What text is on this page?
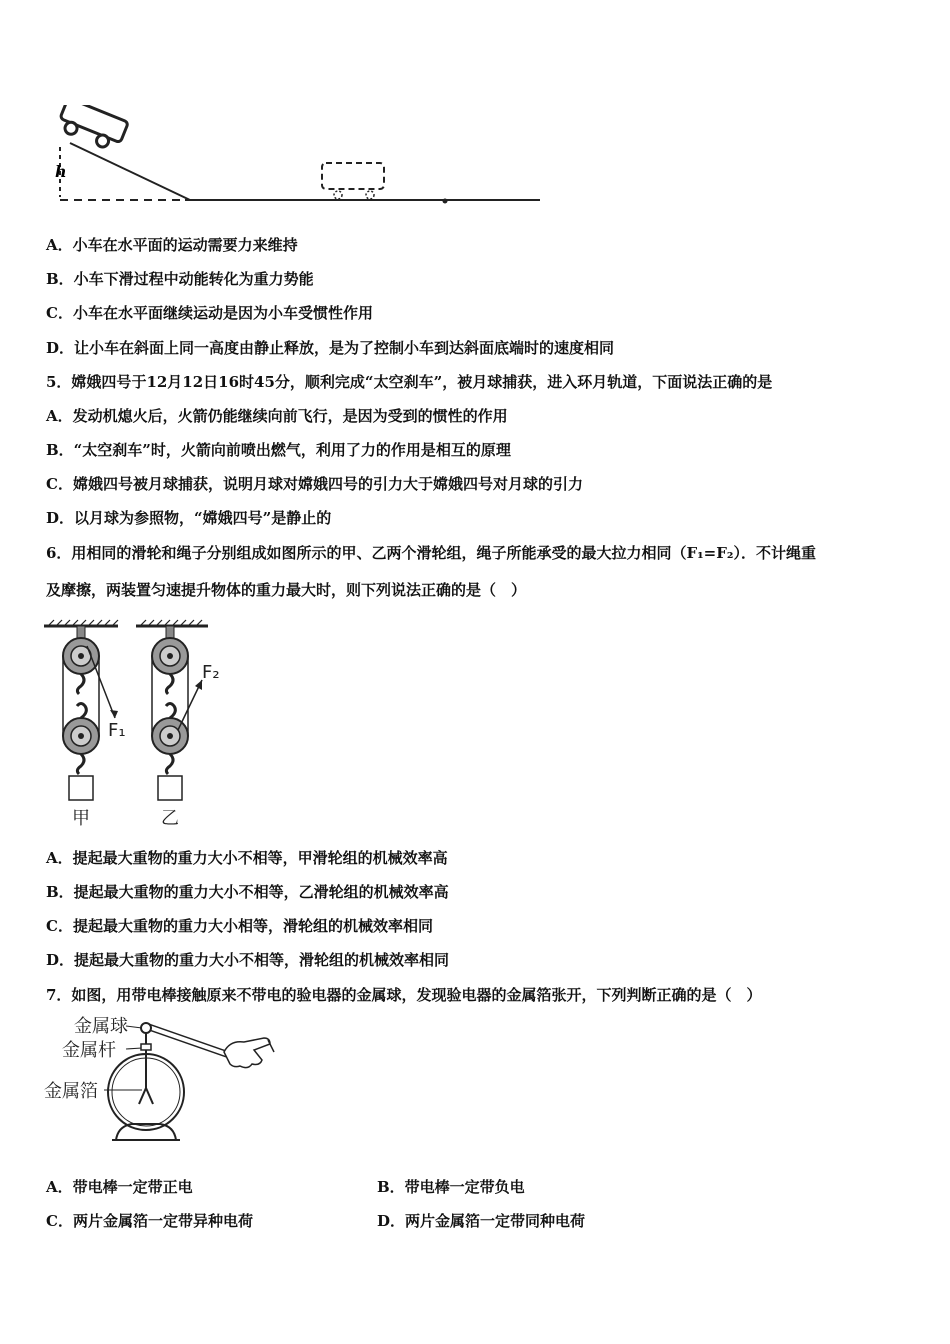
h
A．小车在水平面的运动需要力来维持
B．小车下滑过程中动能转化为重力势能
C．小车在水平面继续运动是因为小车受惯性作用
D．让小车在斜面上同一高度由静止释放，是为了控制小车到达斜面底端时的速度相同
5．嫦娥四号于12月12日16时45分，顺利完成“太空刹车”，被月球捕获，进入环月轨道，下面说法正确的是
A．发动机熄火后，火箭仍能继续向前飞行，是因为受到的惯性的作用
B．“太空刹车”时，火箭向前喷出燃气，利用了力的作用是相互的原理
C．嫦娥四号被月球捕获，说明月球对嫦娥四号的引力大于嫦娥四号对月球的引力
D．以月球为参照物，“嫦娥四号”是静止的
6．用相同的滑轮和绳子分别组成如图所示的甲、乙两个滑轮组，绳子所能承受的最大拉力相同（F₁=F₂）．不计绳重
及摩擦，两装置匀速提升物体的重力最大时，则下列说法正确的是（　）
甲
F₁
乙
F₂
A．提起最大重物的重力大小不相等，甲滑轮组的机械效率高
B．提起最大重物的重力大小不相等，乙滑轮组的机械效率高
C．提起最大重物的重力大小相等，滑轮组的机械效率相同
D．提起最大重物的重力大小不相等，滑轮组的机械效率相同
7．如图，用带电棒接触原来不带电的验电器的金属球，发现验电器的金属箔张开，下列判断正确的是（　）
金属球
金属杆
金属箔
A．带电棒一定带正电	B．带电棒一定带负电
C．两片金属箔一定带异种电荷	D．两片金属箔一定带同种电荷
